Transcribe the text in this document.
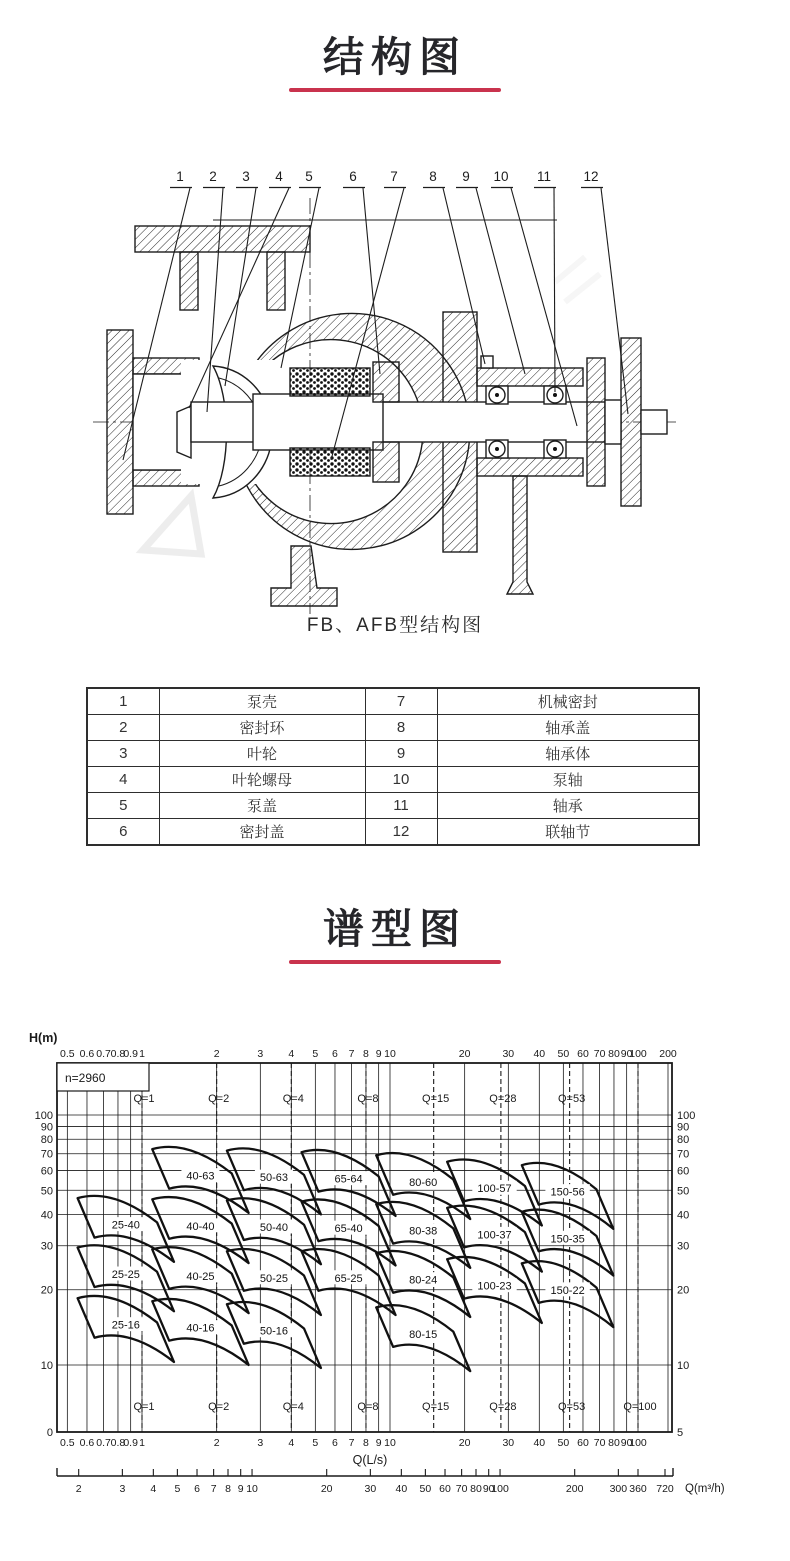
结构图
1 2 3 4 5	6 7 8 9 10 11 12
FB、AFB型结构图
1	泵壳	7	机械密封
2	密封环	8	轴承盖
3	叶轮	9	轴承体
4	叶轮螺母	10	泵轴
5	泵盖	11	轴承
6	密封盖	12	联轴节
谱型图
n=2960
H(m)
Q(L/s)
0.5 0.6 0.7 0.8
0.9 1	2	3 4 5 6 7 8 9 10	20	30 40 50 60 70 80 90
100 200
0.5 0.6 0.7 0.8
0.9 1	2	3 4 5 6 7 8 9 10	20	30 40 50 60 70 80 90
100
10	10
20	20
30	30
40	40
50	50
60	60
70	70
80	80
90	90
100	100
0	5
Q=1	Q=2	Q=4	Q=8	Q=15	Q=28	Q=53
Q=1	Q=2	Q=4	Q=8	Q=15	Q=28	Q=53	Q=100
40-63	50-63	65-64	80-60
100-57	150-56
25-40	40-40	50-40	65-40	80-38	100-37	150-35
25-25	40-25	50-25	65-25	80-24	100-23	150-22
25-16	40-16	50-16	80-15
2	3 4 5 6 7 8 9 10	20	30 40 50 60 70 80 90
100	200 300 360 720 Q(m³/h)
